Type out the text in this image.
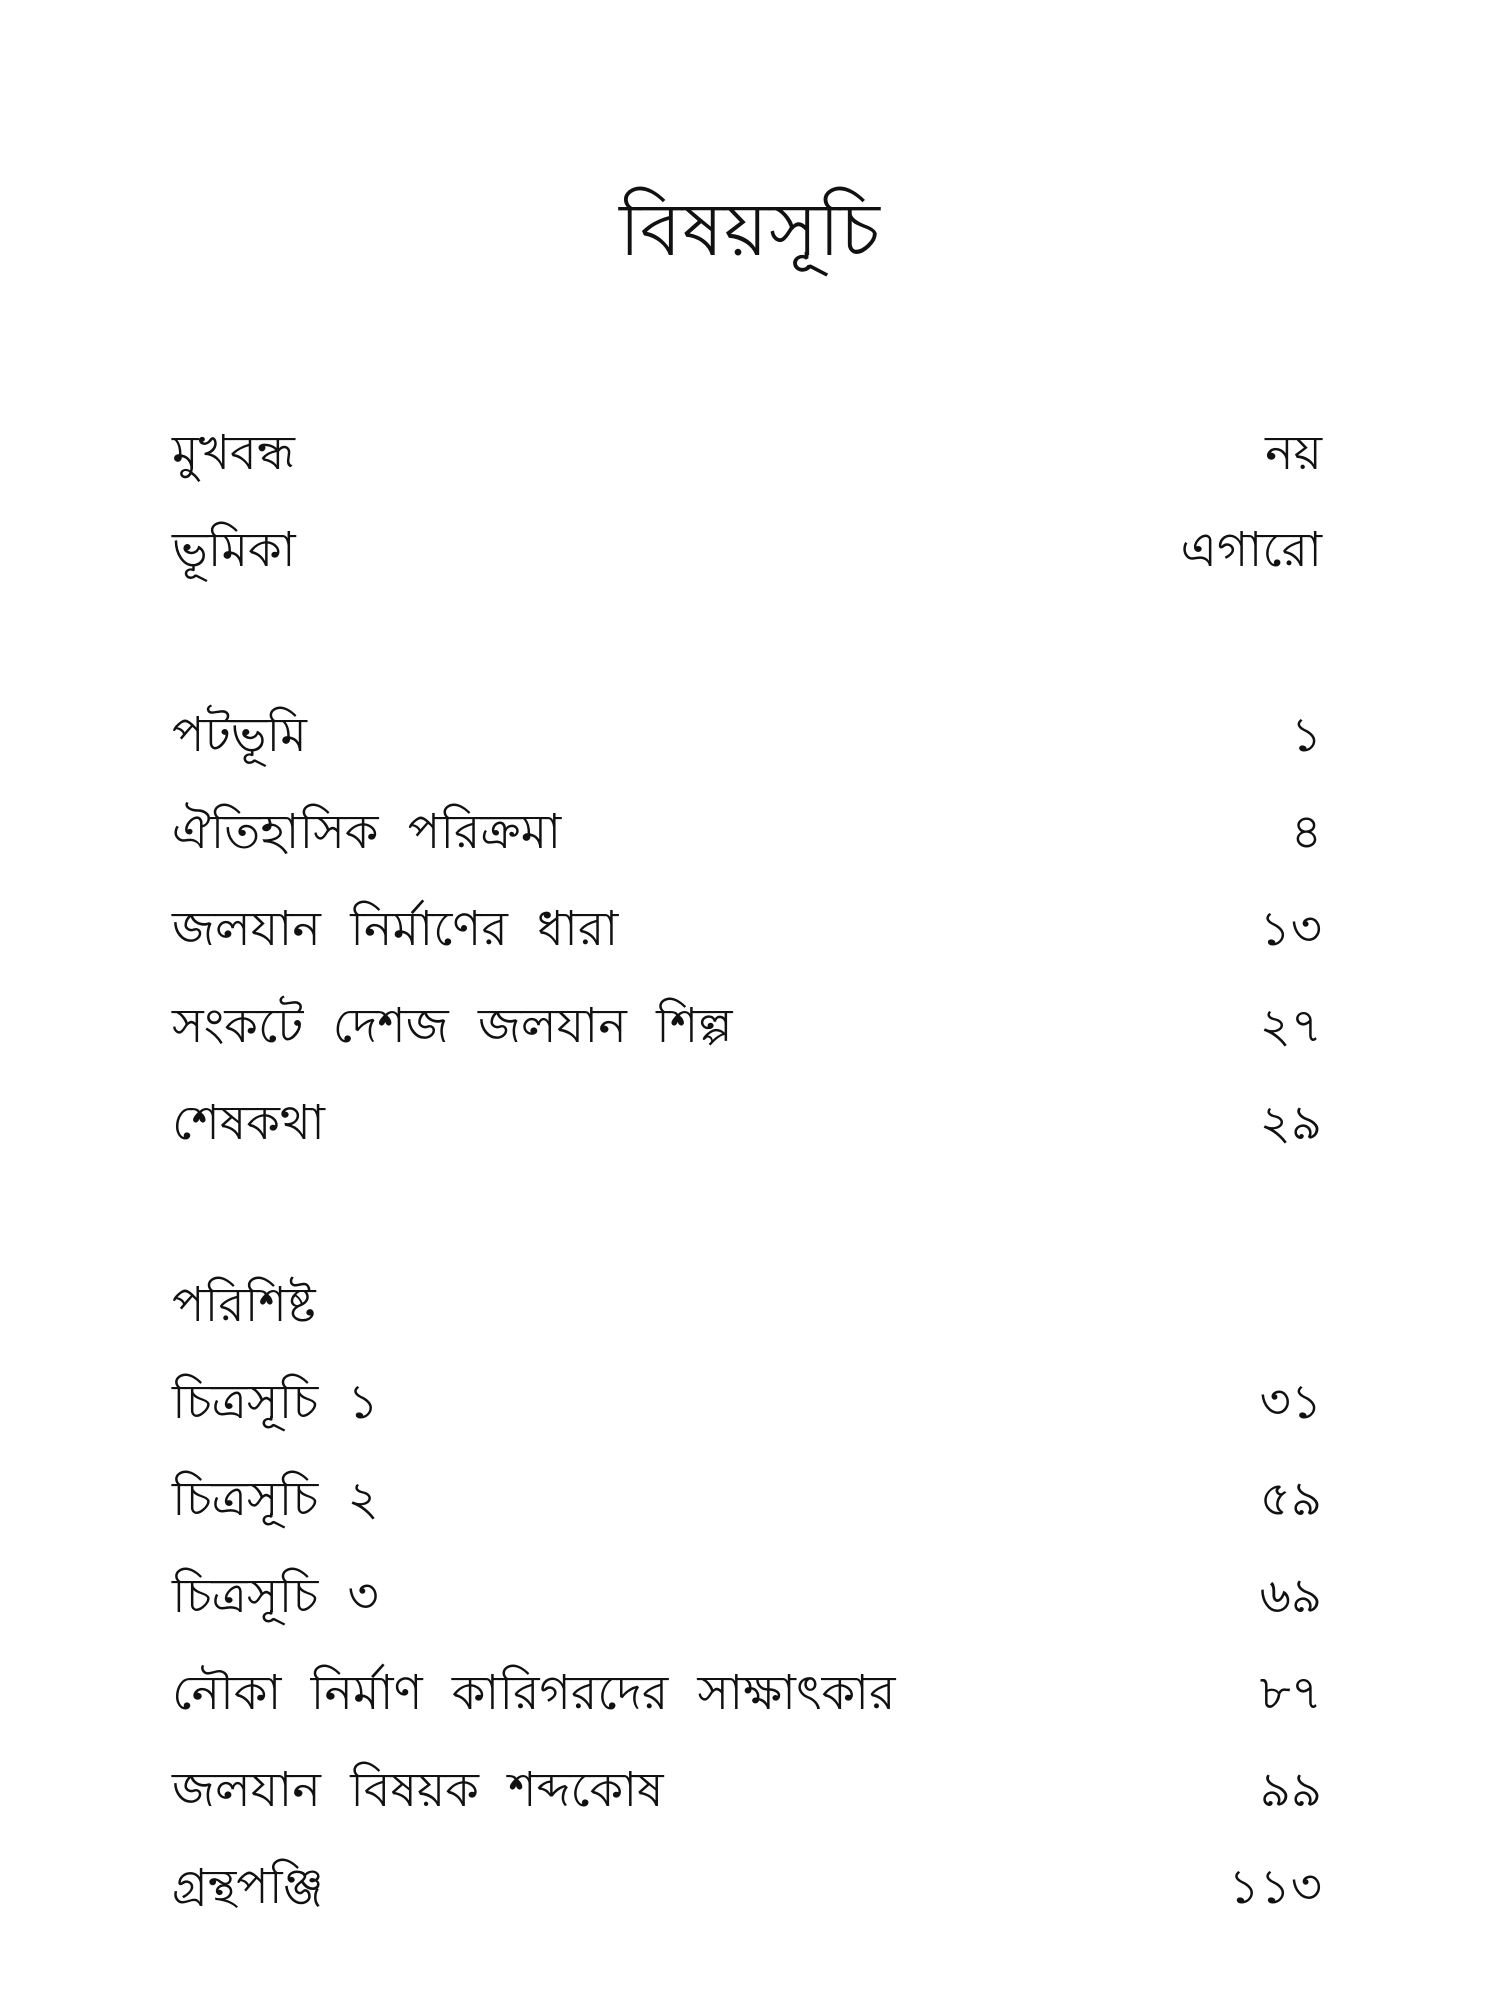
বিষয়সূচি
মুখবন্ধ	নয়
ভূমিকা	এগারো
পটভূমি	১
ঐতিহাসিক পরিক্রমা	৪
জলযান নির্মাণের ধারা	১৩
সংকটে দেশজ জলযান শিল্প	২৭
শেষকথা	২৯
পরিশিষ্ট
চিত্রসূচি ১	৩১
চিত্রসূচি ২	৫৯
চিত্রসূচি ৩	৬৯
নৌকা নির্মাণ কারিগরদের সাক্ষাৎকার	৮৭
জলযান বিষয়ক শব্দকোষ	৯৯
গ্রন্থপঞ্জি	১১৩
